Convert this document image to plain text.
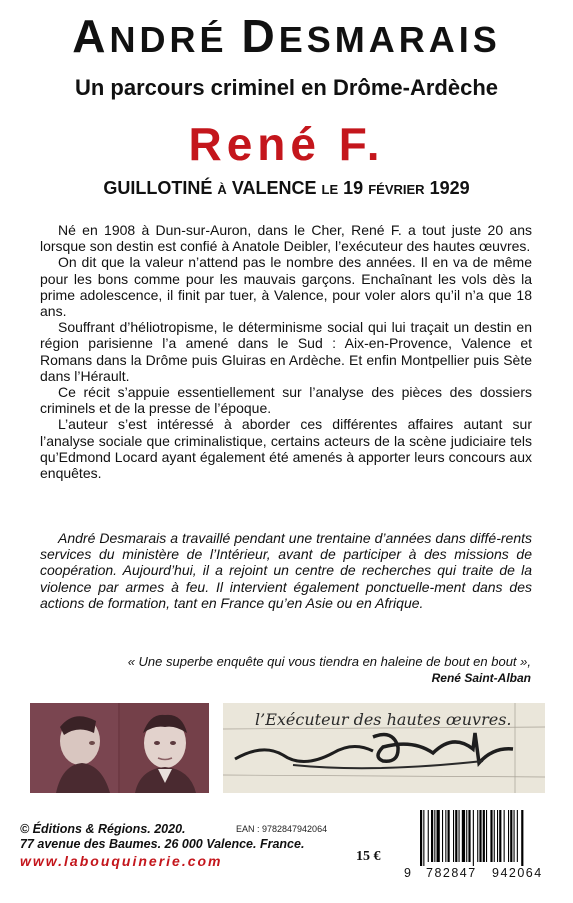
ANDRÉ DESMARAIS
Un parcours criminel en Drôme-Ardèche
René F.
GUILLOTINÉ À VALENCE LE 19 FÉVRIER 1929

Né en 1908 à Dun-sur-Auron, dans le Cher, René F. a tout juste 20 ans lorsque son destin est confié à Anatole Deibler, l’exécuteur des hautes œuvres.

On dit que la valeur n’attend pas le nombre des années. Il en va de même pour les bons comme pour les mauvais garçons. Enchaînant les vols dès la prime adolescence, il finit par tuer, à Valence, pour voler alors qu’il n’a que 18 ans.

Souffrant d’héliotropisme, le déterminisme social qui lui traçait un destin en région parisienne l’a amené dans le Sud : Aix-en-Provence, Valence et Romans dans la Drôme puis Gluiras en Ardèche. Et enfin Montpellier puis Sète dans l’Hérault.

Ce récit s’appuie essentiellement sur l’analyse des pièces des dossiers criminels et de la presse de l’époque.

L’auteur s’est intéressé à aborder ces différentes affaires autant sur l’analyse sociale que criminalistique, certains acteurs de la scène judiciaire tels qu’Edmond Locard ayant également été amenés à apporter leurs concours aux enquêtes.

André Desmarais a travaillé pendant une trentaine d’années dans diffé-rents services du ministère de l’Intérieur, avant de participer à des missions de coopération. Aujourd’hui, il a rejoint un centre de recherches qui traite de la violence par armes à feu. Il intervient également ponctuelle-ment dans des actions de formation, tant en France qu’en Asie ou en Afrique.

« Une superbe enquête qui vous tiendra en haleine de bout en bout »,
René Saint-Alban
l’Exécuteur des hautes œuvres.
© Éditions & Régions. 2020.
77 avenue des Baumes. 26 000 Valence. France.
www.labouquinerie.com
EAN : 9782847942064
15 €
9 782847 942064
